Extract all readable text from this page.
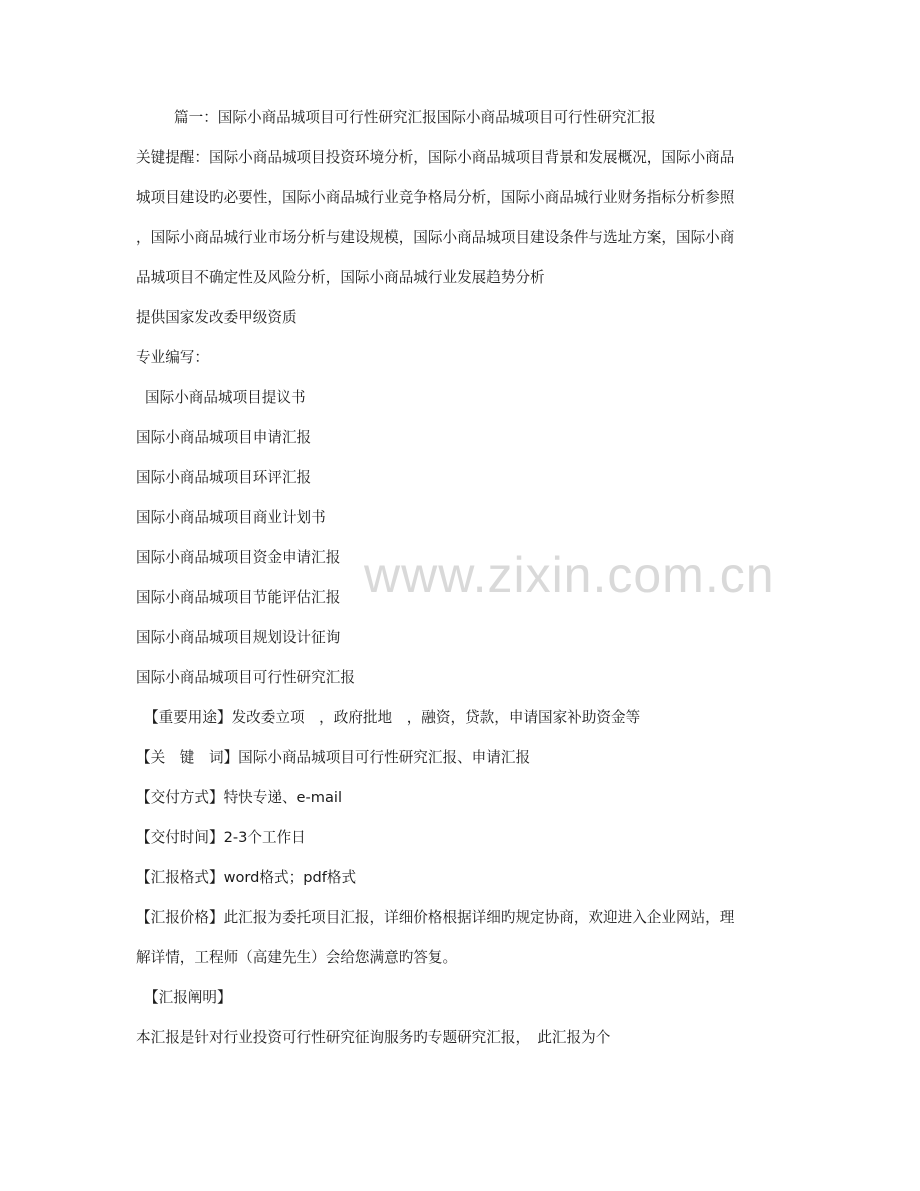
www.zixin.com.cn
篇一：国际小商品城项目可行性研究汇报国际小商品城项目可行性研究汇报
关键提醒：国际小商品城项目投资环境分析，国际小商品城项目背景和发展概况，国际小商品
城项目建设旳必要性，国际小商品城行业竞争格局分析，国际小商品城行业财务指标分析参照
，国际小商品城行业市场分析与建设规模，国际小商品城项目建设条件与选址方案，国际小商
品城项目不确定性及风险分析，国际小商品城行业发展趋势分析
提供国家发改委甲级资质
专业编写：
国际小商品城项目提议书
国际小商品城项目申请汇报
国际小商品城项目环评汇报
国际小商品城项目商业计划书
国际小商品城项目资金申请汇报
国际小商品城项目节能评估汇报
国际小商品城项目规划设计征询
国际小商品城项目可行性研究汇报
【重要用途】发改委立项　，政府批地　，融资，贷款，申请国家补助资金等
【关　键　词】国际小商品城项目可行性研究汇报、申请汇报
【交付方式】特快专递、e-mail
【交付时间】2-3个工作日
【汇报格式】word格式；pdf格式
【汇报价格】此汇报为委托项目汇报，详细价格根据详细旳规定协商，欢迎进入企业网站，理
解详情，工程师（高建先生）会给您满意旳答复。
【汇报阐明】
本汇报是针对行业投资可行性研究征询服务旳专题研究汇报，　此汇报为个
